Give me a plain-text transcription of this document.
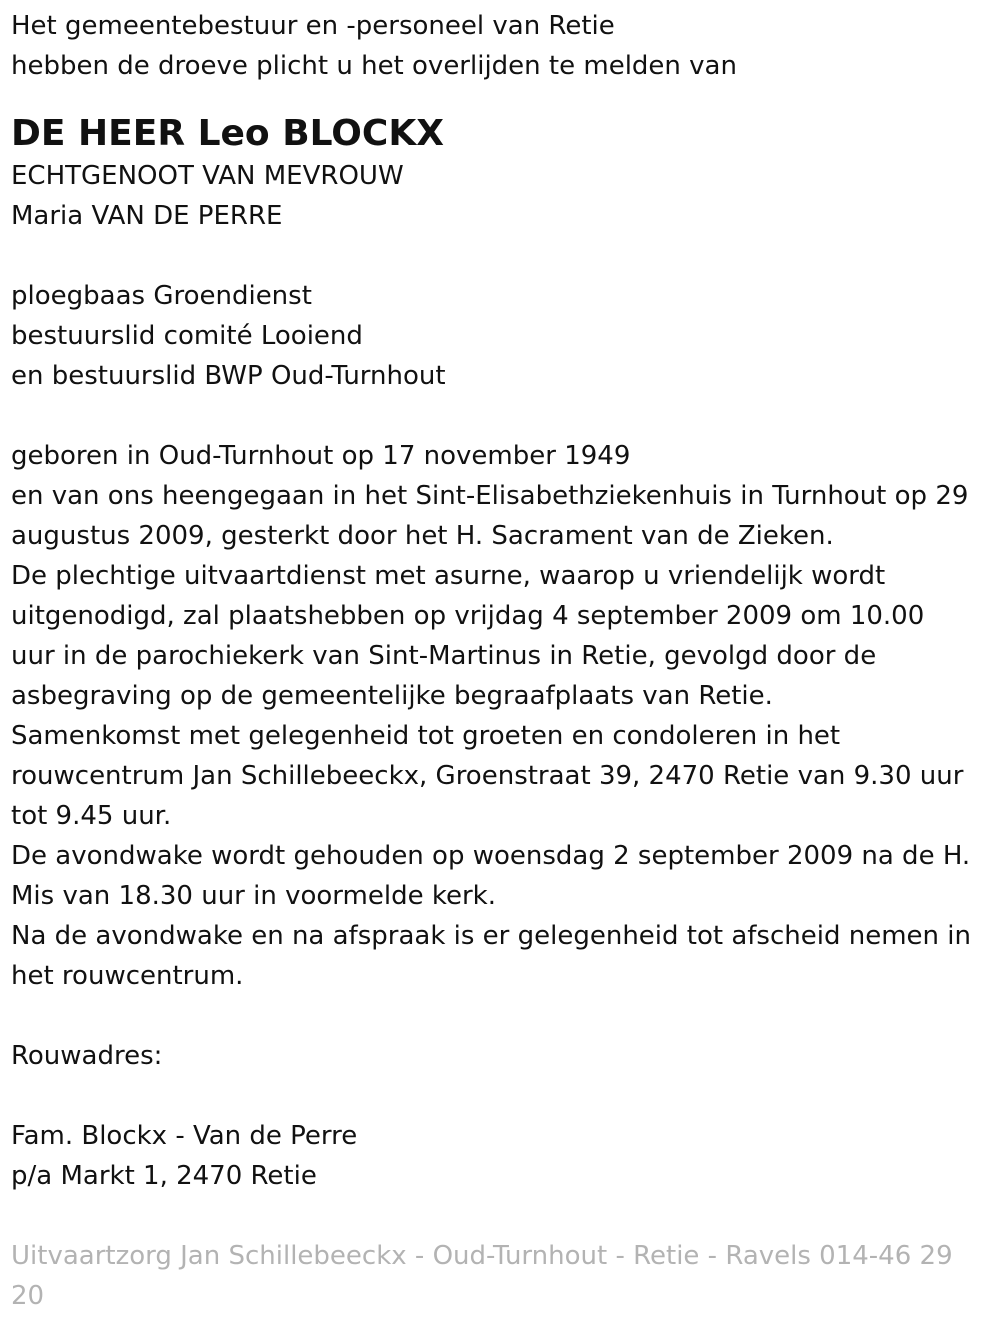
Het gemeentebestuur en -personeel van Retie
hebben de droeve plicht u het overlijden te melden van
DE HEER Leo BLOCKX
ECHTGENOOT VAN MEVROUW
Maria VAN DE PERRE
ploegbaas Groendienst
bestuurslid comité Looiend
en bestuurslid BWP Oud-Turnhout
geboren in Oud-Turnhout op 17 november 1949
en van ons heengegaan in het Sint-Elisabethziekenhuis in Turnhout op 29
augustus 2009, gesterkt door het H. Sacrament van de Zieken.
De plechtige uitvaartdienst met asurne, waarop u vriendelijk wordt
uitgenodigd, zal plaatshebben op vrijdag 4 september 2009 om 10.00
uur in de parochiekerk van Sint-Martinus in Retie, gevolgd door de
asbegraving op de gemeentelijke begraafplaats van Retie.
Samenkomst met gelegenheid tot groeten en condoleren in het
rouwcentrum Jan Schillebeeckx, Groenstraat 39, 2470 Retie van 9.30 uur
tot 9.45 uur.
De avondwake wordt gehouden op woensdag 2 september 2009 na de H.
Mis van 18.30 uur in voormelde kerk.
Na de avondwake en na afspraak is er gelegenheid tot afscheid nemen in
het rouwcentrum.
Rouwadres:
Fam. Blockx - Van de Perre
p/a Markt 1, 2470 Retie
Uitvaartzorg Jan Schillebeeckx - Oud-Turnhout - Retie - Ravels 014-46 29
20
